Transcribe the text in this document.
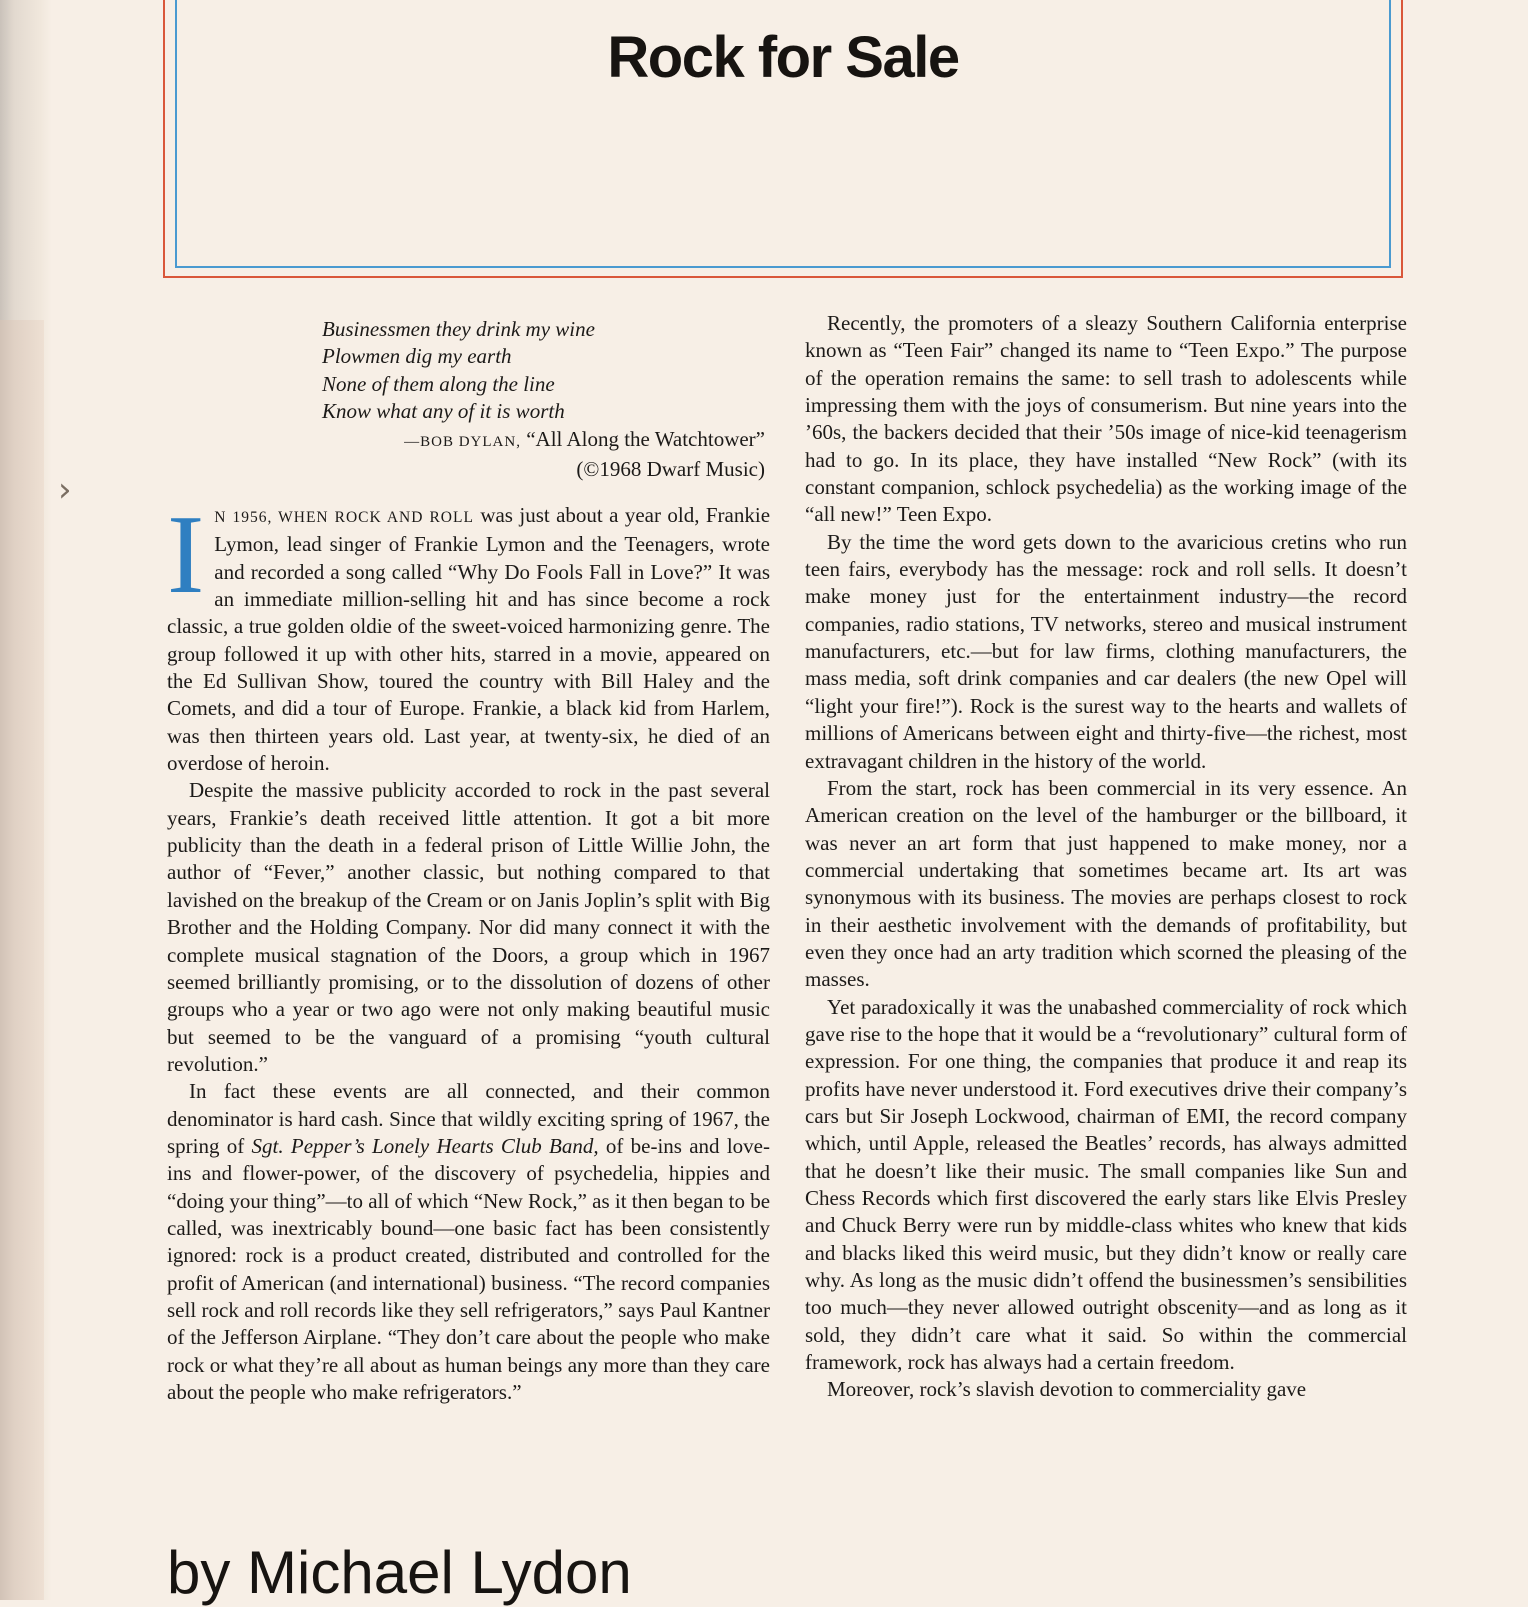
›
Rock for Sale
Businessmen they drink my wine
Plowmen dig my earth
None of them along the line
Know what any of it is worth
—BOB DYLAN, “All Along the Watchtower”
(©1968 Dwarf Music)

IN 1956, WHEN ROCK AND ROLL was just about a year old, Frankie Lymon, lead singer of Frankie Lymon and the Teenagers, wrote and recorded a song called “Why Do Fools Fall in Love?” It was an immediate million-selling hit and has since become a rock classic, a true golden oldie of the sweet-voiced harmonizing genre. The group followed it up with other hits, starred in a movie, appeared on the Ed Sullivan Show, toured the country with Bill Haley and the Comets, and did a tour of Europe. Frankie, a black kid from Harlem, was then thirteen years old. Last year, at twenty-six, he died of an overdose of heroin.

Despite the massive publicity accorded to rock in the past several years, Frankie’s death received little attention. It got a bit more publicity than the death in a federal prison of Little Willie John, the author of “Fever,” another classic, but nothing compared to that lavished on the breakup of the Cream or on Janis Joplin’s split with Big Brother and the Holding Company. Nor did many connect it with the complete musical stagnation of the Doors, a group which in 1967 seemed brilliantly promising, or to the dissolution of dozens of other groups who a year or two ago were not only making beautiful music but seemed to be the vanguard of a promising “youth cultural revolution.”

In fact these events are all connected, and their common denominator is hard cash. Since that wildly exciting spring of 1967, the spring of Sgt. Pepper’s Lonely Hearts Club Band, of be-ins and love-ins and flower-power, of the discovery of psychedelia, hippies and “doing your thing”—to all of which “New Rock,” as it then began to be called, was inextricably bound—one basic fact has been consistently ignored: rock is a product created, distributed and controlled for the profit of American (and international) business. “The record companies sell rock and roll records like they sell refrigerators,” says Paul Kantner of the Jefferson Airplane. “They don’t care about the people who make rock or what they’re all about as human beings any more than they care about the people who make refrigerators.”

Recently, the promoters of a sleazy Southern California enterprise known as “Teen Fair” changed its name to “Teen Expo.” The purpose of the operation remains the same: to sell trash to adolescents while impressing them with the joys of consumerism. But nine years into the ’60s, the backers decided that their ’50s image of nice-kid teenagerism had to go. In its place, they have installed “New Rock” (with its constant companion, schlock psychedelia) as the working image of the “all new!” Teen Expo.

By the time the word gets down to the avaricious cretins who run teen fairs, everybody has the message: rock and roll sells. It doesn’t make money just for the entertainment industry—the record companies, radio stations, TV networks, stereo and musical instrument manufacturers, etc.—but for law firms, clothing manufacturers, the mass media, soft drink companies and car dealers (the new Opel will “light your fire!”). Rock is the surest way to the hearts and wallets of millions of Americans between eight and thirty-five—the richest, most extravagant children in the history of the world.

From the start, rock has been commercial in its very essence. An American creation on the level of the hamburger or the billboard, it was never an art form that just happened to make money, nor a commercial undertaking that sometimes became art. Its art was synonymous with its business. The movies are perhaps closest to rock in their aesthetic involvement with the demands of profitability, but even they once had an arty tradition which scorned the pleasing of the masses.

Yet paradoxically it was the unabashed commerciality of rock which gave rise to the hope that it would be a “revolutionary” cultural form of expression. For one thing, the companies that produce it and reap its profits have never understood it. Ford executives drive their company’s cars but Sir Joseph Lockwood, chairman of EMI, the record company which, until Apple, released the Beatles’ records, has always admitted that he doesn’t like their music. The small companies like Sun and Chess Records which first discovered the early stars like Elvis Presley and Chuck Berry were run by middle-class whites who knew that kids and blacks liked this weird music, but they didn’t know or really care why. As long as the music didn’t offend the businessmen’s sensibilities too much—they never allowed outright obscenity—and as long as it sold, they didn’t care what it said. So within the commercial framework, rock has always had a certain freedom.

Moreover, rock’s slavish devotion to commerciality gave

by Michael Lydon
